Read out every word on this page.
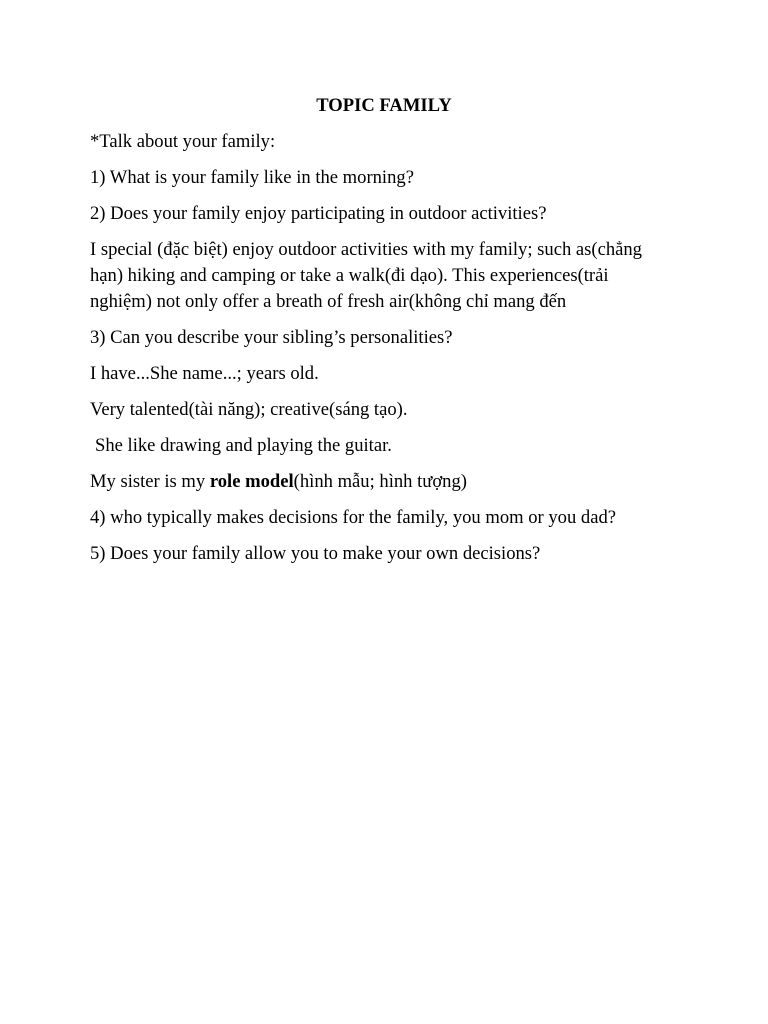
TOPIC FAMILY
*Talk about your family:
1) What is your family like in the morning?
2) Does your family enjoy participating in outdoor activities?
I special (đặc biệt) enjoy outdoor activities with my family; such as(chẳng hạn) hiking and camping or take a walk(đi dạo). This experiences(trải nghiệm) not only offer a breath of fresh air(không chỉ mang đến
3) Can you describe your sibling’s personalities?
I have...She name...; years old.
Very talented(tài năng); creative(sáng tạo).
She like drawing and playing the guitar.
My sister is my role model(hình mẫu; hình tượng)
4) who typically makes decisions for the family, you mom or you dad?
5) Does your family allow you to make your own decisions?
